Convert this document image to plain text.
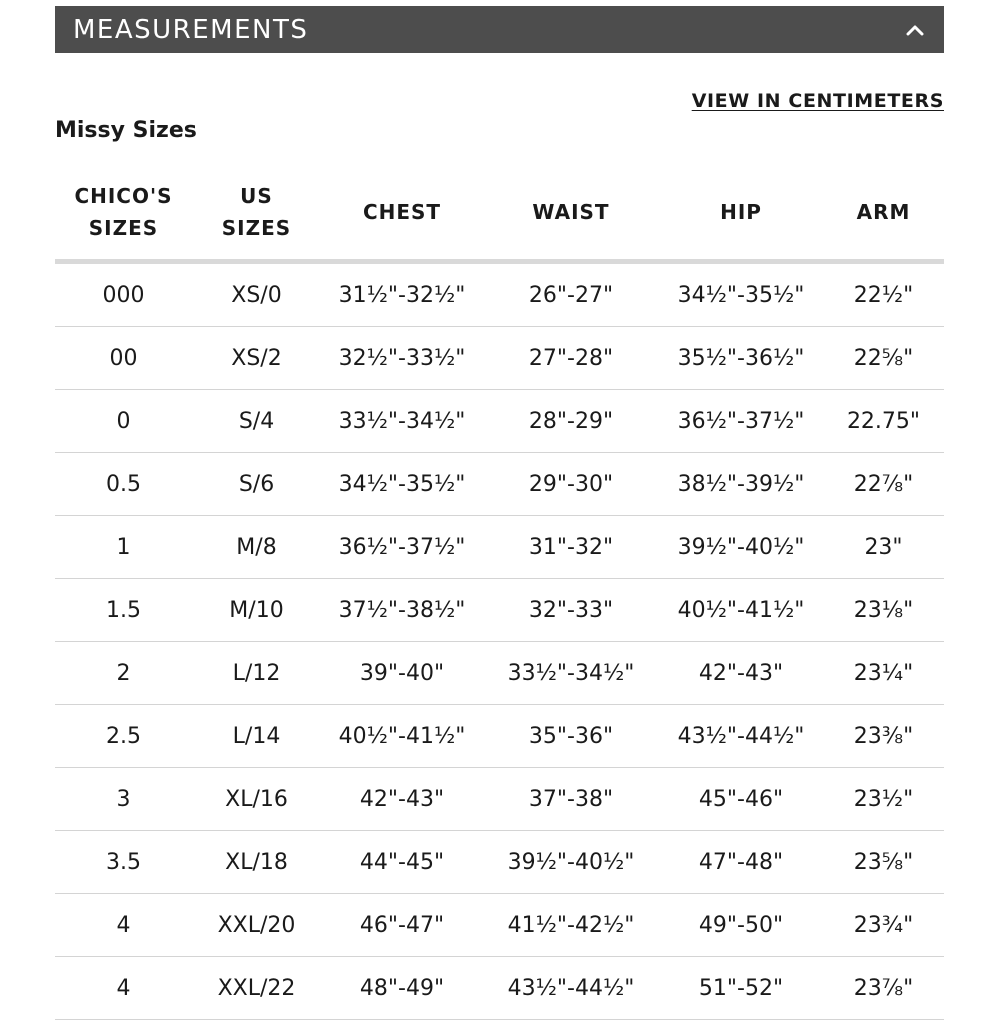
MEASUREMENTS
VIEW IN CENTIMETERS
Missy Sizes
CHICO'S
SIZES	US
SIZES	CHEST	WAIST	HIP	ARM

000	XS/0	31½"-32½"	26"-27"	34½"-35½"	22½"
00	XS/2	32½"-33½"	27"-28"	35½"-36½"	22⅝"
0	S/4	33½"-34½"	28"-29"	36½"-37½"	22.75"
0.5	S/6	34½"-35½"	29"-30"	38½"-39½"	22⅞"
1	M/8	36½"-37½"	31"-32"	39½"-40½"	23"
1.5	M/10	37½"-38½"	32"-33"	40½"-41½"	23⅛"
2	L/12	39"-40"	33½"-34½"	42"-43"	23¼"
2.5	L/14	40½"-41½"	35"-36"	43½"-44½"	23⅜"
3	XL/16	42"-43"	37"-38"	45"-46"	23½"
3.5	XL/18	44"-45"	39½"-40½"	47"-48"	23⅝"
4	XXL/20	46"-47"	41½"-42½"	49"-50"	23¾"
4	XXL/22	48"-49"	43½"-44½"	51"-52"	23⅞"
